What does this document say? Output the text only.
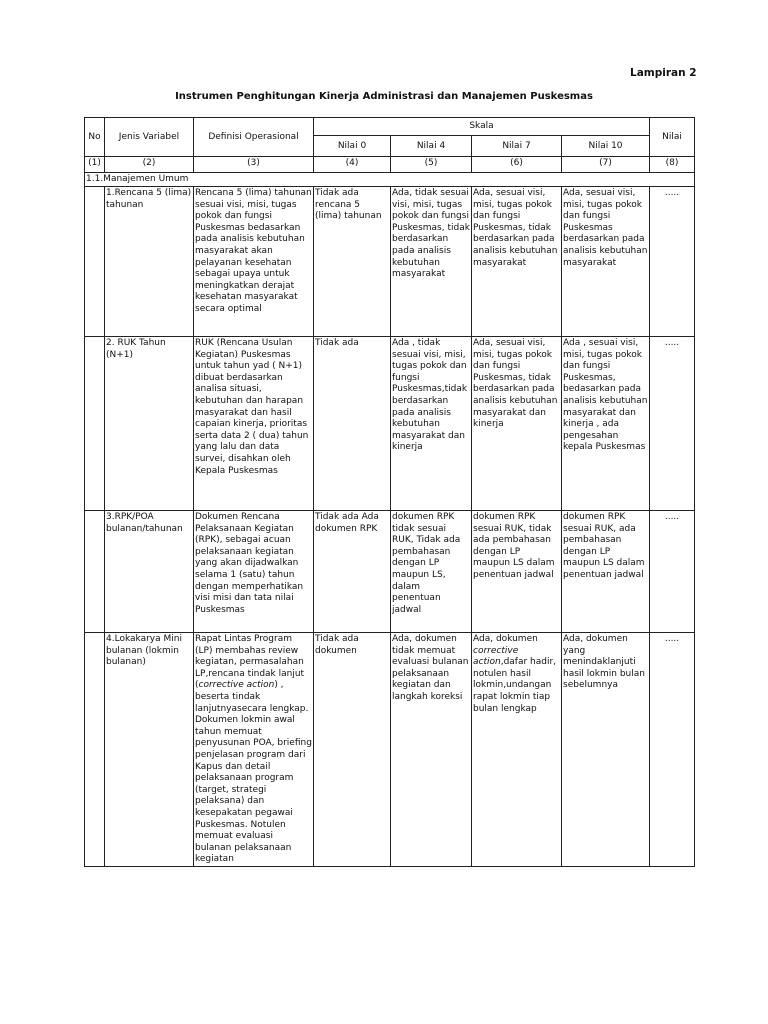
Lampiran 2
Instrumen Penghitungan Kinerja Administrasi dan Manajemen Puskesmas
No	Jenis Variabel	Definisi Operasional	Skala				Nilai
			Nilai 0	Nilai 4	Nilai 7	Nilai 10	
(1)	(2)	(3)	(4)	(5)	(6)	(7)	(8)
1.1.Manajemen Umum							
	1.Rencana 5 (lima) tahunan	Rencana 5 (lima) tahunan sesuai visi, misi, tugas pokok dan fungsi Puskesmas bedasarkan pada analisis kebutuhan masyarakat akan pelayanan kesehatan sebagai upaya untuk meningkatkan derajat kesehatan masyarakat secara optimal	Tidak ada rencana 5 (lima) tahunan	Ada, tidak sesuai visi, misi, tugas pokok dan fungsi Puskesmas, tidak berdasarkan pada analisis kebutuhan masyarakat	Ada, sesuai visi, misi, tugas pokok dan fungsi Puskesmas, tidak berdasarkan pada analisis kebutuhan masyarakat	Ada, sesuai visi, misi, tugas pokok dan fungsi Puskesmas berdasarkan pada analisis kebutuhan masyarakat	.....
	2. RUK Tahun (N+1)	RUK (Rencana Usulan Kegiatan) Puskesmas untuk tahun yad ( N+1) dibuat berdasarkan analisa situasi, kebutuhan dan harapan masyarakat dan hasil capaian kinerja, prioritas serta data 2 ( dua) tahun yang lalu dan data survei, disahkan oleh Kepala Puskesmas	Tidak ada	Ada , tidak sesuai visi, misi, tugas pokok dan fungsi Puskesmas,tidak berdasarkan pada analisis kebutuhan masyarakat dan kinerja	Ada, sesuai visi, misi, tugas pokok dan fungsi Puskesmas, tidak berdasarkan pada analisis kebutuhan masyarakat dan kinerja	Ada , sesuai visi, misi, tugas pokok dan fungsi Puskesmas, bedasarkan pada analisis kebutuhan masyarakat dan kinerja , ada pengesahan kepala Puskesmas	.....
	3.RPK/POA bulanan/tahunan	Dokumen Rencana Pelaksanaan Kegiatan (RPK), sebagai acuan pelaksanaan kegiatan yang akan dijadwalkan selama 1 (satu) tahun dengan memperhatikan visi misi dan tata nilai Puskesmas	Tidak ada Ada dokumen RPK	dokumen RPK tidak sesuai RUK, Tidak ada pembahasan dengan LP maupun LS, dalam penentuan jadwal	dokumen RPK sesuai RUK, tidak ada pembahasan dengan LP maupun LS dalam penentuan jadwal	dokumen RPK sesuai RUK, ada pembahasan dengan LP maupun LS dalam penentuan jadwal	.....
	4.Lokakarya Mini bulanan (lokmin bulanan)	Rapat Lintas Program (LP) membahas review kegiatan, permasalahan LP,rencana tindak lanjut (corrective action) , beserta tindak lanjutnyasecara lengkap. Dokumen lokmin awal tahun memuat penyusunan POA, briefing penjelasan program dari Kapus dan detail pelaksanaan program (target, strategi pelaksana) dan kesepakatan pegawai Puskesmas. Notulen memuat evaluasi bulanan pelaksanaan kegiatan	Tidak ada dokumen	Ada, dokumen tidak memuat evaluasi bulanan pelaksanaan kegiatan dan langkah koreksi	Ada, dokumen corrective action,dafar hadir, notulen hasil lokmin,undangan rapat lokmin tiap bulan lengkap	Ada, dokumen yang menindaklanjuti hasil lokmin bulan sebelumnya	.....
